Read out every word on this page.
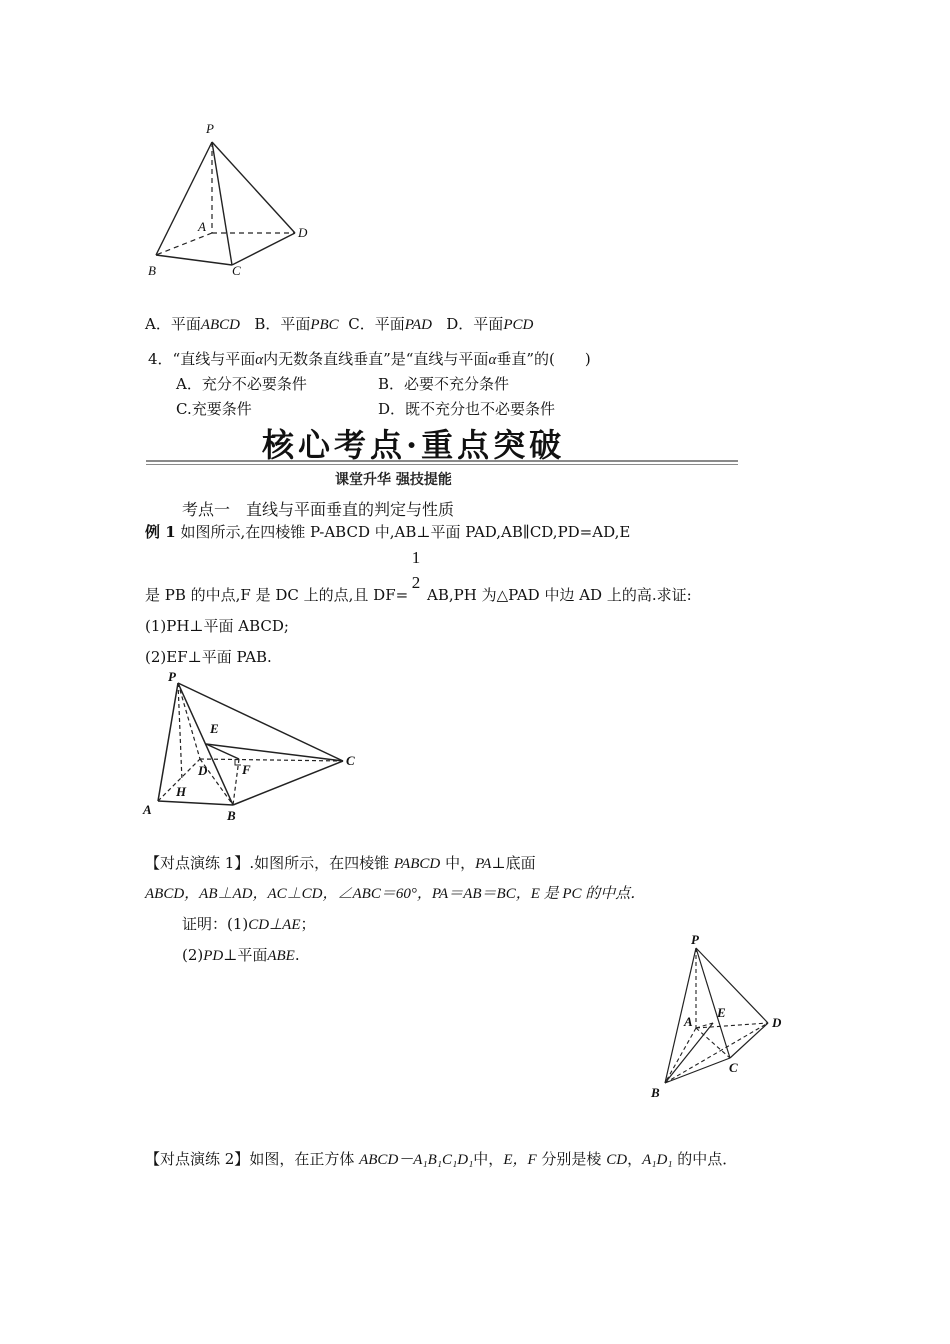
P
A
B	C
D
A．平面ABCD B．平面PBC C．平面PAD D．平面PCD
4．“直线与平面α内无数条直线垂直”是“直线与平面α垂直”的(　　)
A．充分不必要条件	B．必要不充分条件
C.充要条件	D．既不充分也不必要条件
核心考点·重点突破
课堂升华 强技提能
考点一　直线与平面垂直的判定与性质
例 1 如图所示,在四棱锥 P-ABCD 中,AB⊥平面 PAD,AB∥CD,PD=AD,E
是 PB 的中点,F 是 DC 上的点,且 DF=
1
2
AB,PH 为△PAD 中边 AD 上的高.求证:
(1)PH⊥平面 ABCD;
(2)EF⊥平面 PAB.
P
E
D	F
C
H
A	B
【对点演练 1】.如图所示，在四棱锥 PABCD 中，PA⊥底面
ABCD，AB⊥AD，AC⊥CD，∠ABC＝60°，PA＝AB＝BC，E 是 PC 的中点．
证明：(1)CD⊥AE；
(2)PD⊥平面ABE.
P
A
E
D
C
B
【对点演练 2】如图，在正方体 ABCD－A₁B₁C₁D₁中，E，F 分别是棱 CD，A₁D₁ 的中点．
